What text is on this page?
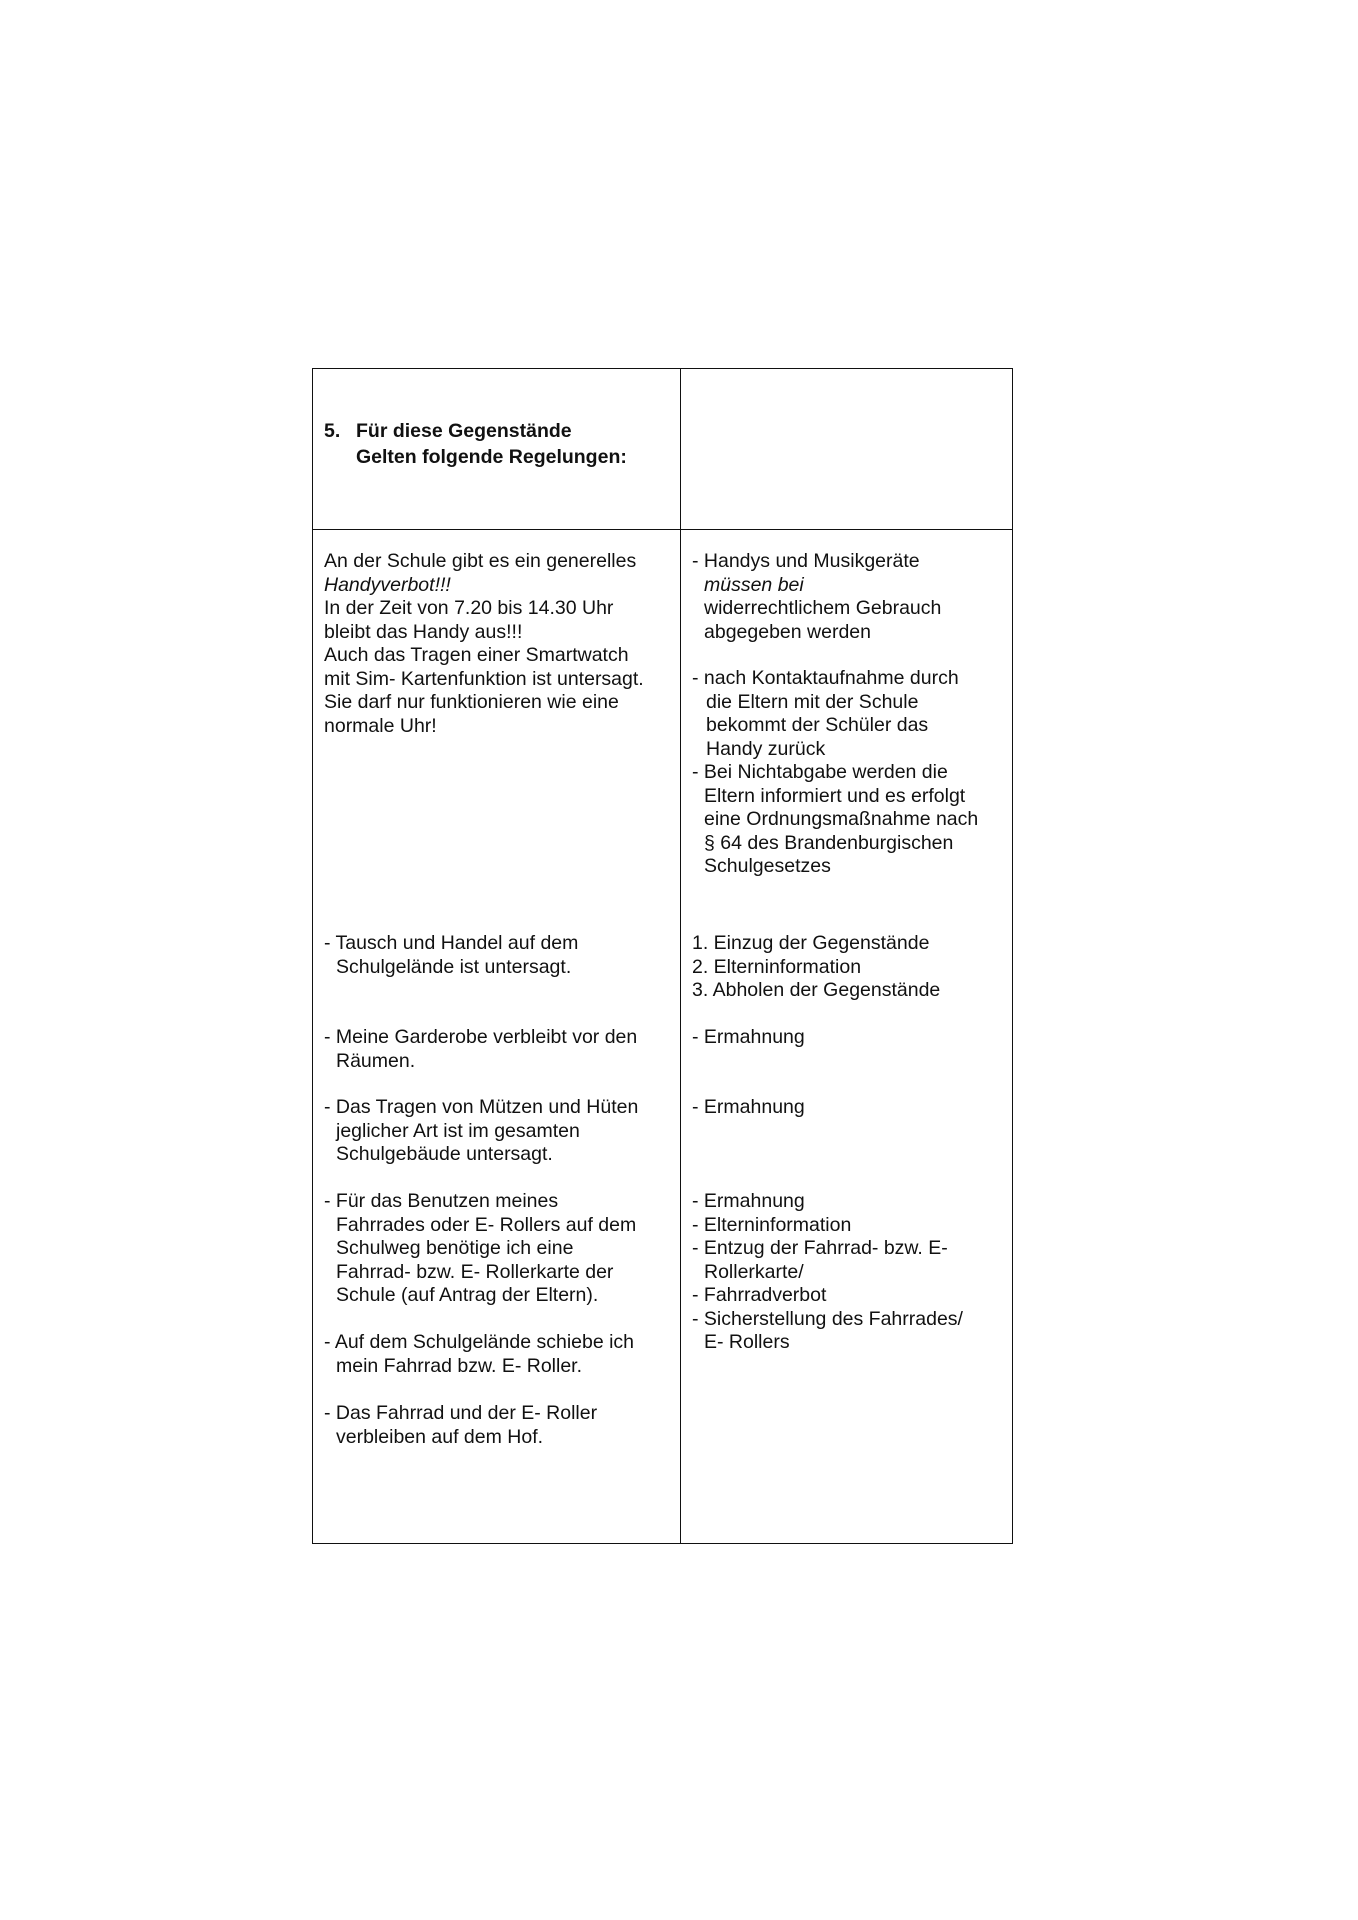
5. Für diese Gegenstände
Gelten folgende Regelungen:
An der Schule gibt es ein generelles
Handyverbot!!!
In der Zeit von 7.20 bis 14.30 Uhr
bleibt das Handy aus!!!
Auch das Tragen einer Smartwatch
mit Sim- Kartenfunktion ist untersagt.
Sie darf nur funktionieren wie eine
normale Uhr!
- Tausch und Handel auf dem
Schulgelände ist untersagt.
- Meine Garderobe verbleibt vor den
Räumen.
- Das Tragen von Mützen und Hüten
jeglicher Art ist im gesamten
Schulgebäude untersagt.
- Für das Benutzen meines
Fahrrades oder E- Rollers auf dem
Schulweg benötige ich eine
Fahrrad- bzw. E- Rollerkarte der
Schule (auf Antrag der Eltern).
- Auf dem Schulgelände schiebe ich
mein Fahrrad bzw. E- Roller.
- Das Fahrrad und der E- Roller
verbleiben auf dem Hof.
- Handys und Musikgeräte
müssen bei
widerrechtlichem Gebrauch
abgegeben werden
- nach Kontaktaufnahme durch
die Eltern mit der Schule
bekommt der Schüler das
Handy zurück
- Bei Nichtabgabe werden die
Eltern informiert und es erfolgt
eine Ordnungsmaßnahme nach
§ 64 des Brandenburgischen
Schulgesetzes
1. Einzug der Gegenstände
2. Elterninformation
3. Abholen der Gegenstände
- Ermahnung
- Ermahnung
- Ermahnung
- Elterninformation
- Entzug der Fahrrad- bzw. E-
Rollerkarte/
- Fahrradverbot
- Sicherstellung des Fahrrades/
E- Rollers
